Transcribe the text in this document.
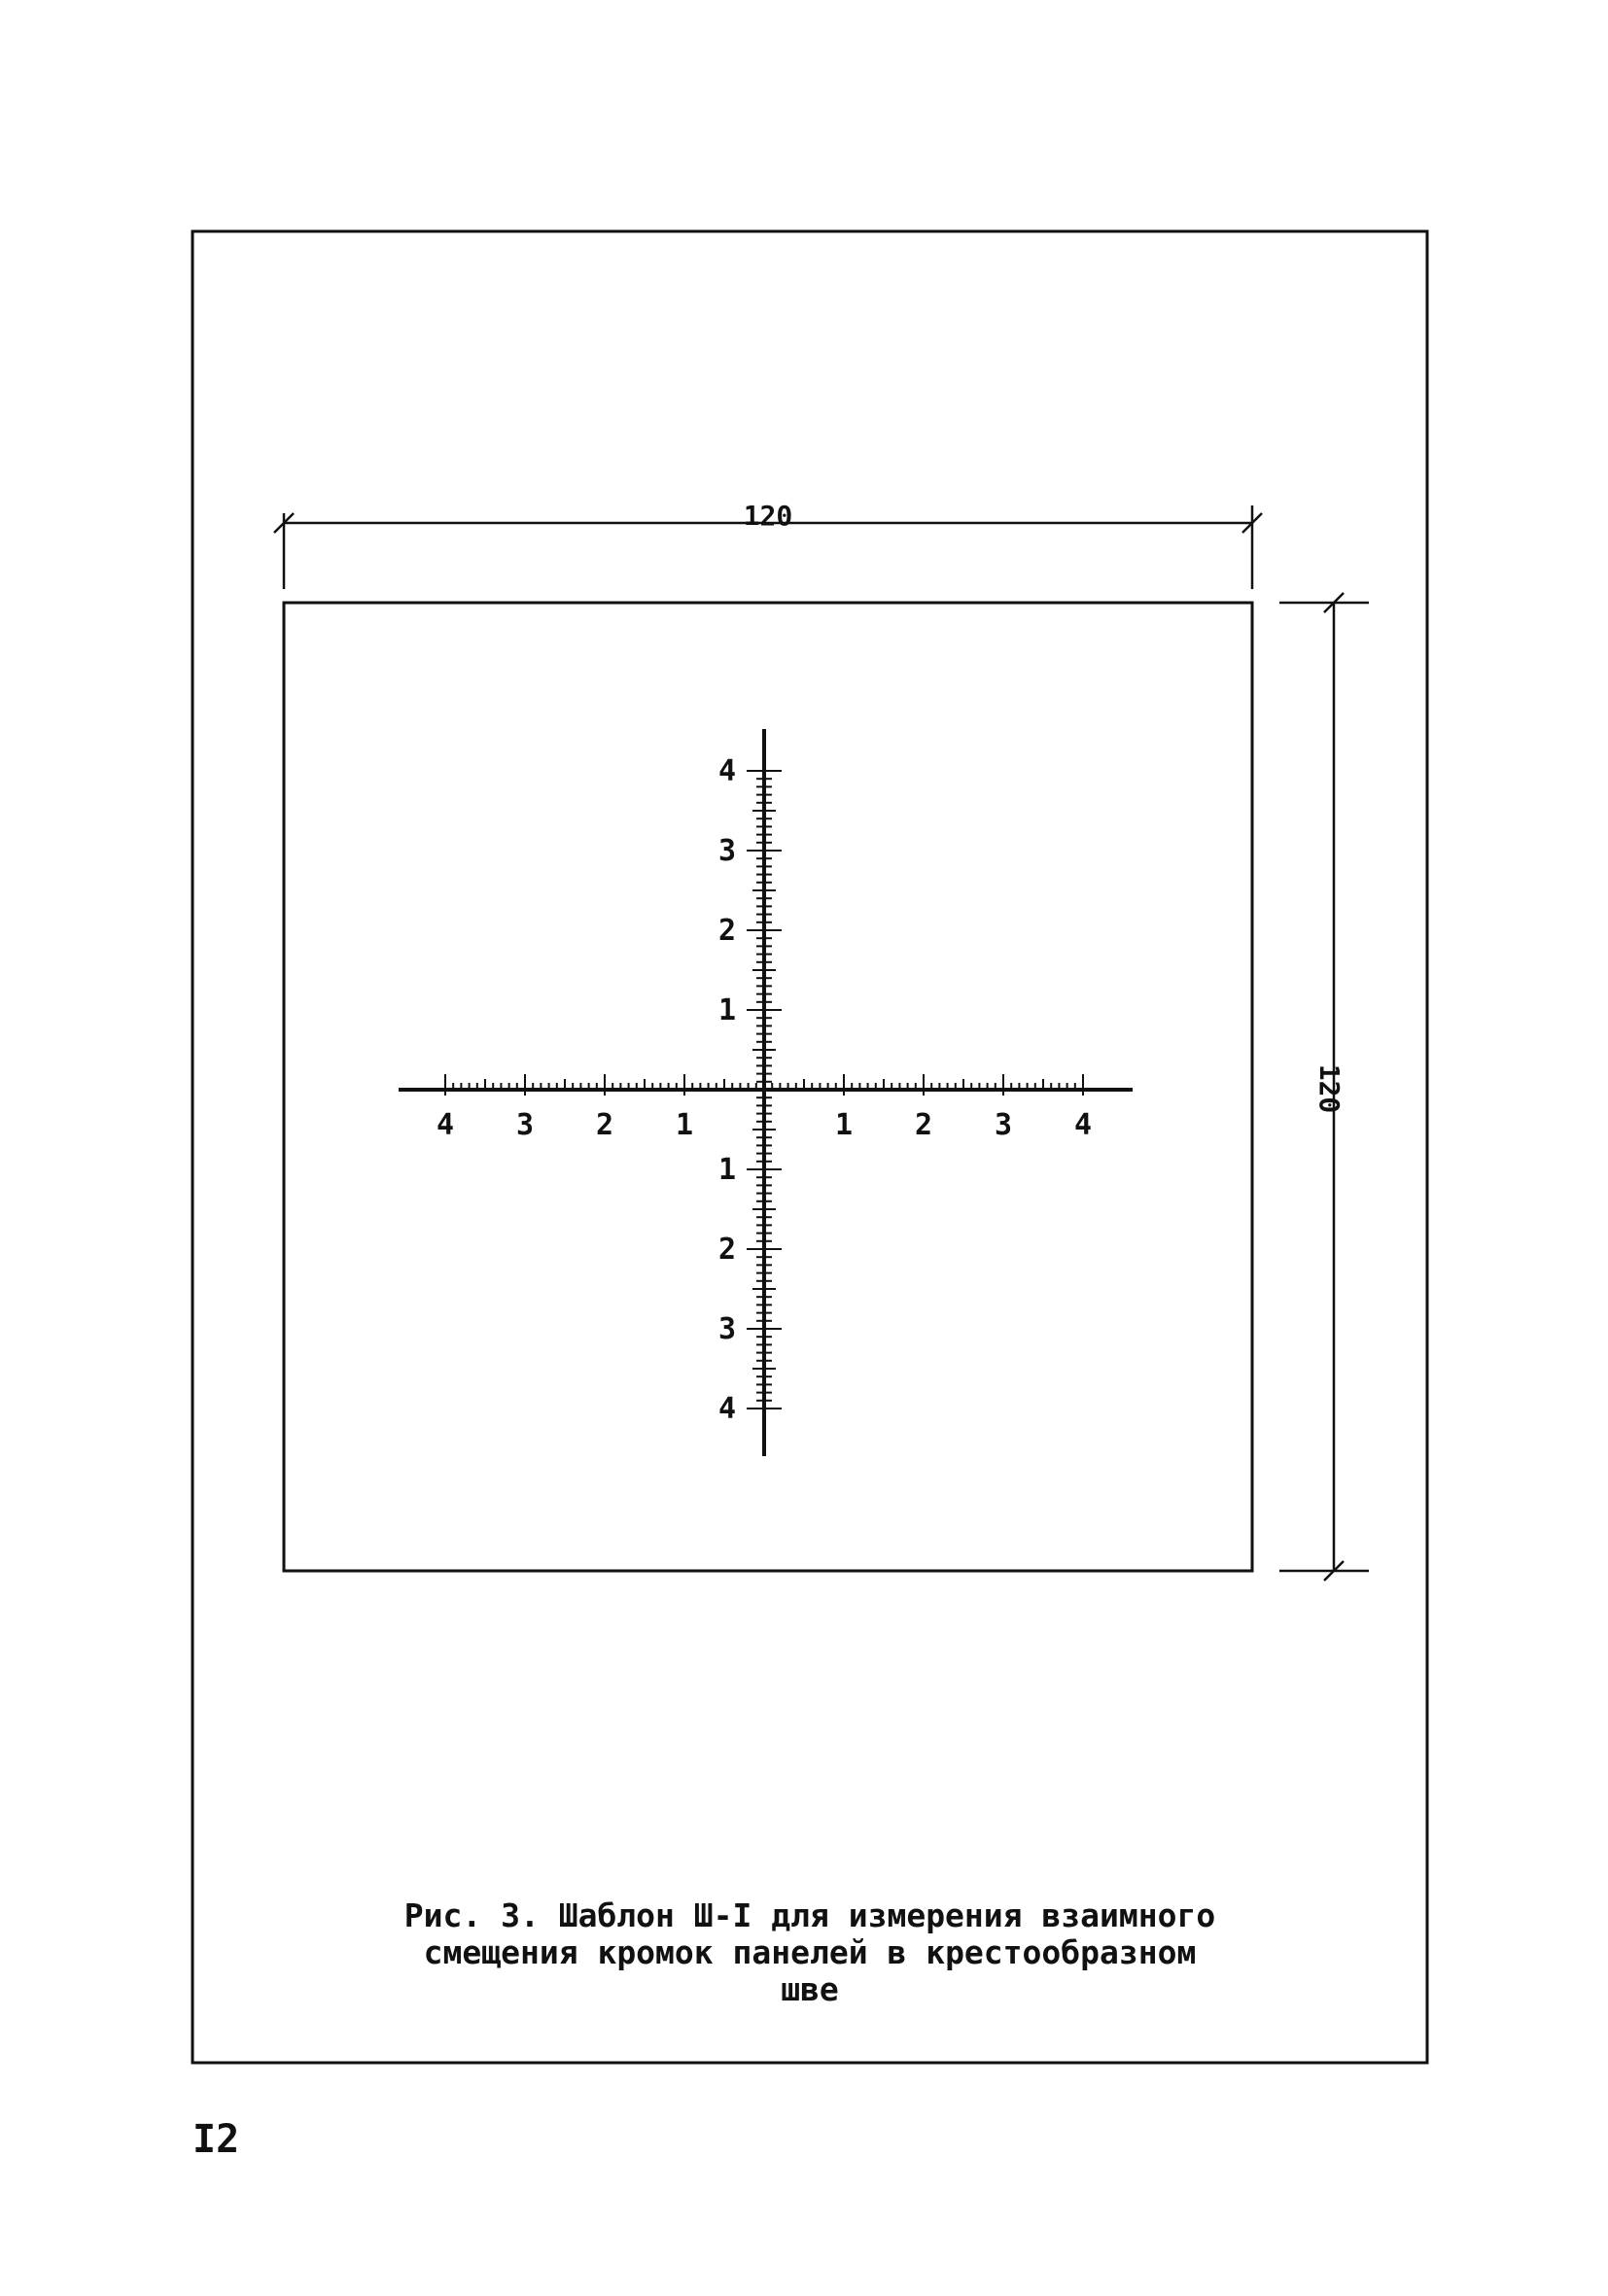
120
120
4 3 2 1	1 2 3 4
4
3
2
1
1
2
3
4
Рис. 3. Шаблон Ш-I для измерения взаимного
смещения кромок панелей в крестообразном
шве
I2
